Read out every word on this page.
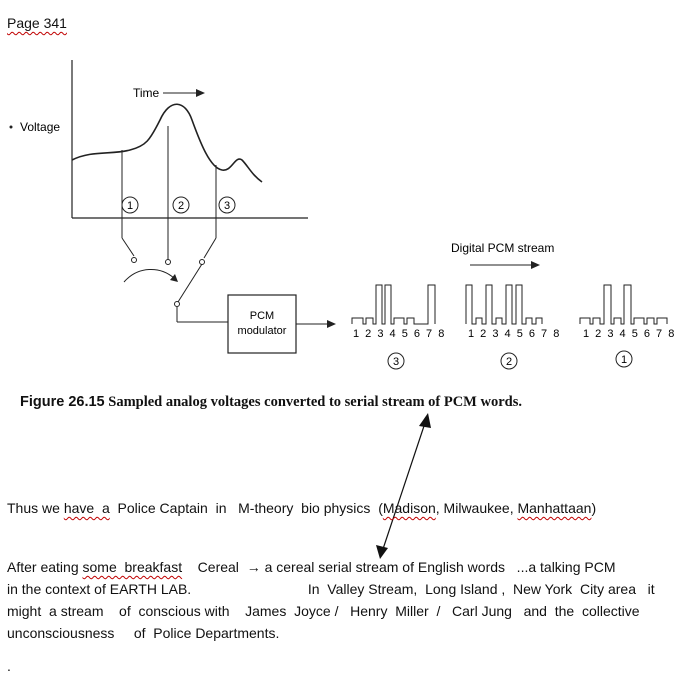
Page 341
Time
Voltage
1	2	3
PCM
modulator
Digital PCM stream
1 2 3 4 5 6 7 8
3
1 2 3 4 5 6 7 8
2
1 2 3 4 5 6 7 8
1
Figure 26.15 Sampled analog voltages converted to serial stream of PCM words.
Thus we have  a  Police Captain  in   M-theory  bio physics  (Madison, Milwaukee, Manhattaan)
After eating some  breakfast    Cereal  → a cereal serial stream of English words   ...a talking PCM
in the context of EARTH LAB.                              In  Valley Stream,  Long Island ,  New York  City area   it
might  a stream    of  conscious with    James  Joyce /   Henry  Miller  /   Carl Jung   and  the  collective
unconsciousness     of  Police Departments.
.
